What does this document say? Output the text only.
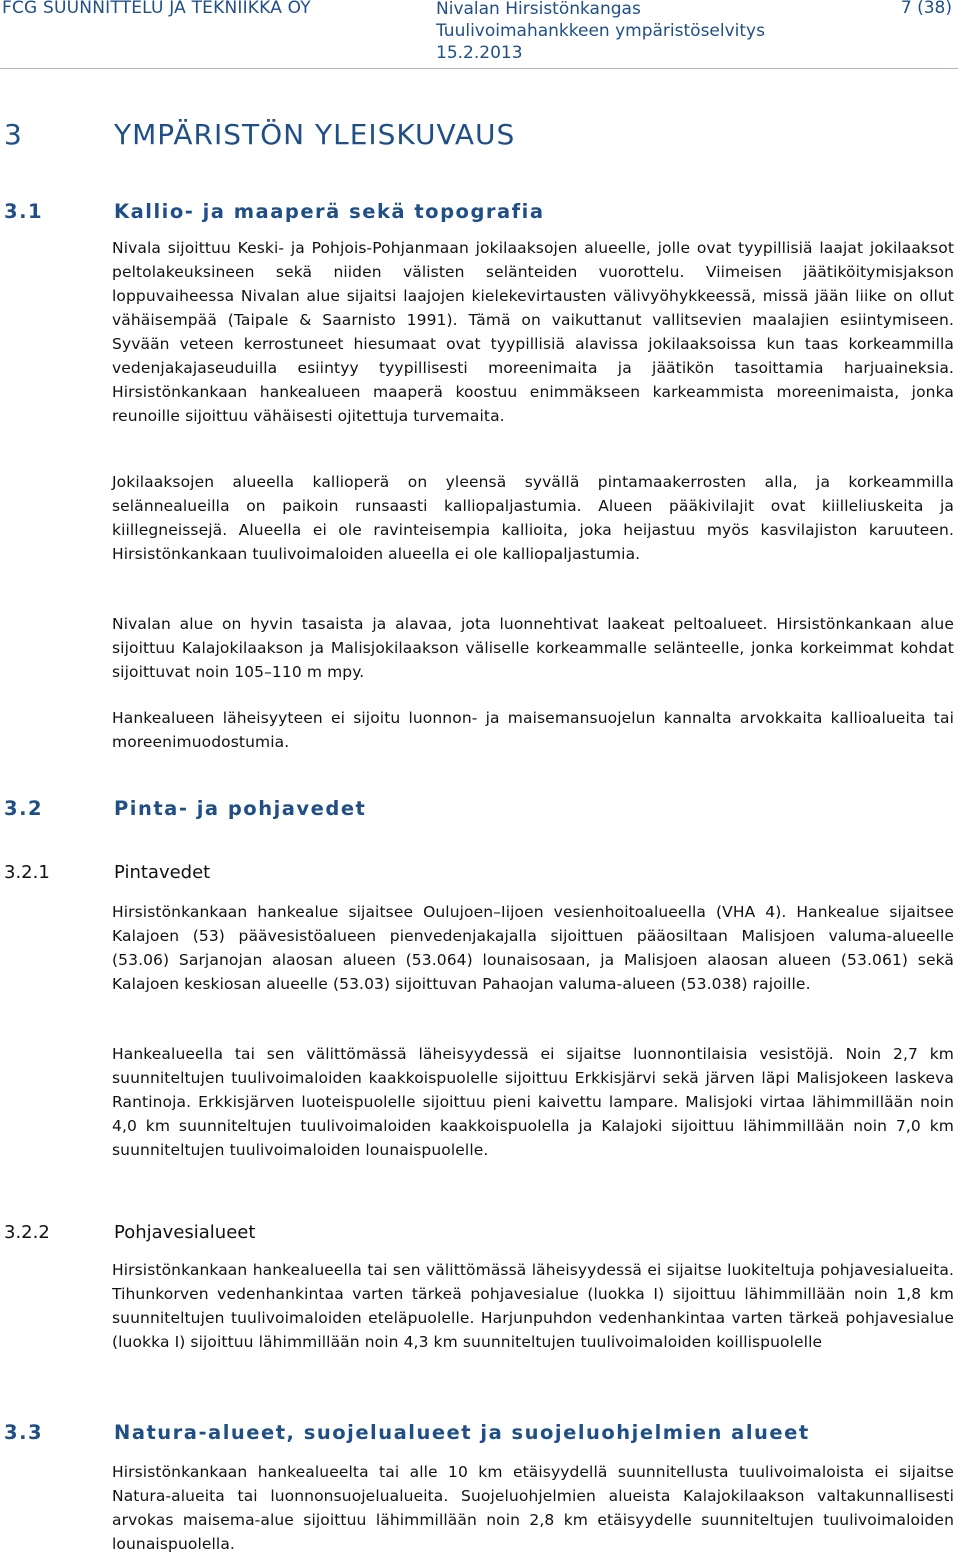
FCG SUUNNITTELU JA TEKNIIKKA OY	Nivalan Hirsistönkangas
Tuulivoimahankkeen ympäristöselvitys
15.2.2013
7 (38)
3	YMPÄRISTÖN YLEISKUVAUS
3.1	Kallio- ja maaperä sekä topografia
Nivala sijoittuu Keski- ja Pohjois-Pohjanmaan jokilaaksojen alueelle, jolle ovat tyypillisiä laajat jokilaaksot peltolakeuksineen sekä niiden välisten selänteiden vuorottelu. Viimeisen jäätiköitymisjakson loppuvaiheessa Nivalan alue sijaitsi laajojen kielekevirtausten välivyöhykkeessä, missä jään liike on ollut vähäisempää (Taipale & Saarnisto 1991). Tämä on vaikuttanut vallitsevien maalajien esiintymiseen. Syvään veteen kerrostuneet hiesumaat ovat tyypillisiä alavissa jokilaaksoissa kun taas korkeammilla vedenjakajaseuduilla esiintyy tyypillisesti moreenimaita ja jäätikön tasoittamia harjuaineksia. Hirsistönkankaan hankealueen maaperä koostuu enimmäkseen karkeammista moreenimaista, jonka reunoille sijoittuu vähäisesti ojitettuja turvemaita.
Jokilaaksojen alueella kallioperä on yleensä syvällä pintamaakerrosten alla, ja korkeammilla selännealueilla on paikoin runsaasti kalliopaljastumia. Alueen pääkivilajit ovat kiilleliuskeita ja kiillegneissejä. Alueella ei ole ravinteisempia kallioita, joka heijastuu myös kasvilajiston karuuteen. Hirsistönkankaan tuulivoimaloiden alueella ei ole kalliopaljastumia.
Nivalan alue on hyvin tasaista ja alavaa, jota luonnehtivat laakeat peltoalueet. Hirsistönkankaan alue sijoittuu Kalajokilaakson ja Malisjokilaakson väliselle korkeammalle selänteelle, jonka korkeimmat kohdat sijoittuvat noin 105–110 m mpy.
Hankealueen läheisyyteen ei sijoitu luonnon- ja maisemansuojelun kannalta arvokkaita kallioalueita tai moreenimuodostumia.
3.2	Pinta- ja pohjavedet
3.2.1	Pintavedet
Hirsistönkankaan hankealue sijaitsee Oulujoen–Iijoen vesienhoitoalueella (VHA 4). Hankealue sijaitsee Kalajoen (53) päävesistöalueen pienvedenjakajalla sijoittuen pääosiltaan Malisjoen valuma-alueelle (53.06) Sarjanojan alaosan alueen (53.064) lounaisosaan, ja Malisjoen alaosan alueen (53.061) sekä Kalajoen keskiosan alueelle (53.03) sijoittuvan Pahaojan valuma-alueen (53.038) rajoille.
Hankealueella tai sen välittömässä läheisyydessä ei sijaitse luonnontilaisia vesistöjä. Noin 2,7 km suunniteltujen tuulivoimaloiden kaakkoispuolelle sijoittuu Erkkisjärvi sekä järven läpi Malisjokeen laskeva Rantinoja. Erkkisjärven luoteispuolelle sijoittuu pieni kaivettu lampare. Malisjoki virtaa lähimmillään noin 4,0 km suunniteltujen tuulivoimaloiden kaakkoispuolella ja Kalajoki sijoittuu lähimmillään noin 7,0 km suunniteltujen tuulivoimaloiden lounaispuolelle.
3.2.2	Pohjavesialueet
Hirsistönkankaan hankealueella tai sen välittömässä läheisyydessä ei sijaitse luokiteltuja pohjavesialueita. Tihunkorven vedenhankintaa varten tärkeä pohjavesialue (luokka I) sijoittuu lähimmillään noin 1,8 km suunniteltujen tuulivoimaloiden eteläpuolelle. Harjunpuhdon vedenhankintaa varten tärkeä pohjavesialue (luokka I) sijoittuu lähimmillään noin 4,3 km suunniteltujen tuulivoimaloiden koillispuolelle
3.3	Natura-alueet, suojelualueet ja suojeluohjelmien alueet
Hirsistönkankaan hankealueelta tai alle 10 km etäisyydellä suunnitellusta tuulivoimaloista ei sijaitse Natura-alueita tai luonnonsuojelualueita. Suojeluohjelmien alueista Kalajokilaakson valtakunnallisesti arvokas maisema-alue sijoittuu lähimmillään noin 2,8 km etäisyydelle suunniteltujen tuulivoimaloiden lounaispuolella.
